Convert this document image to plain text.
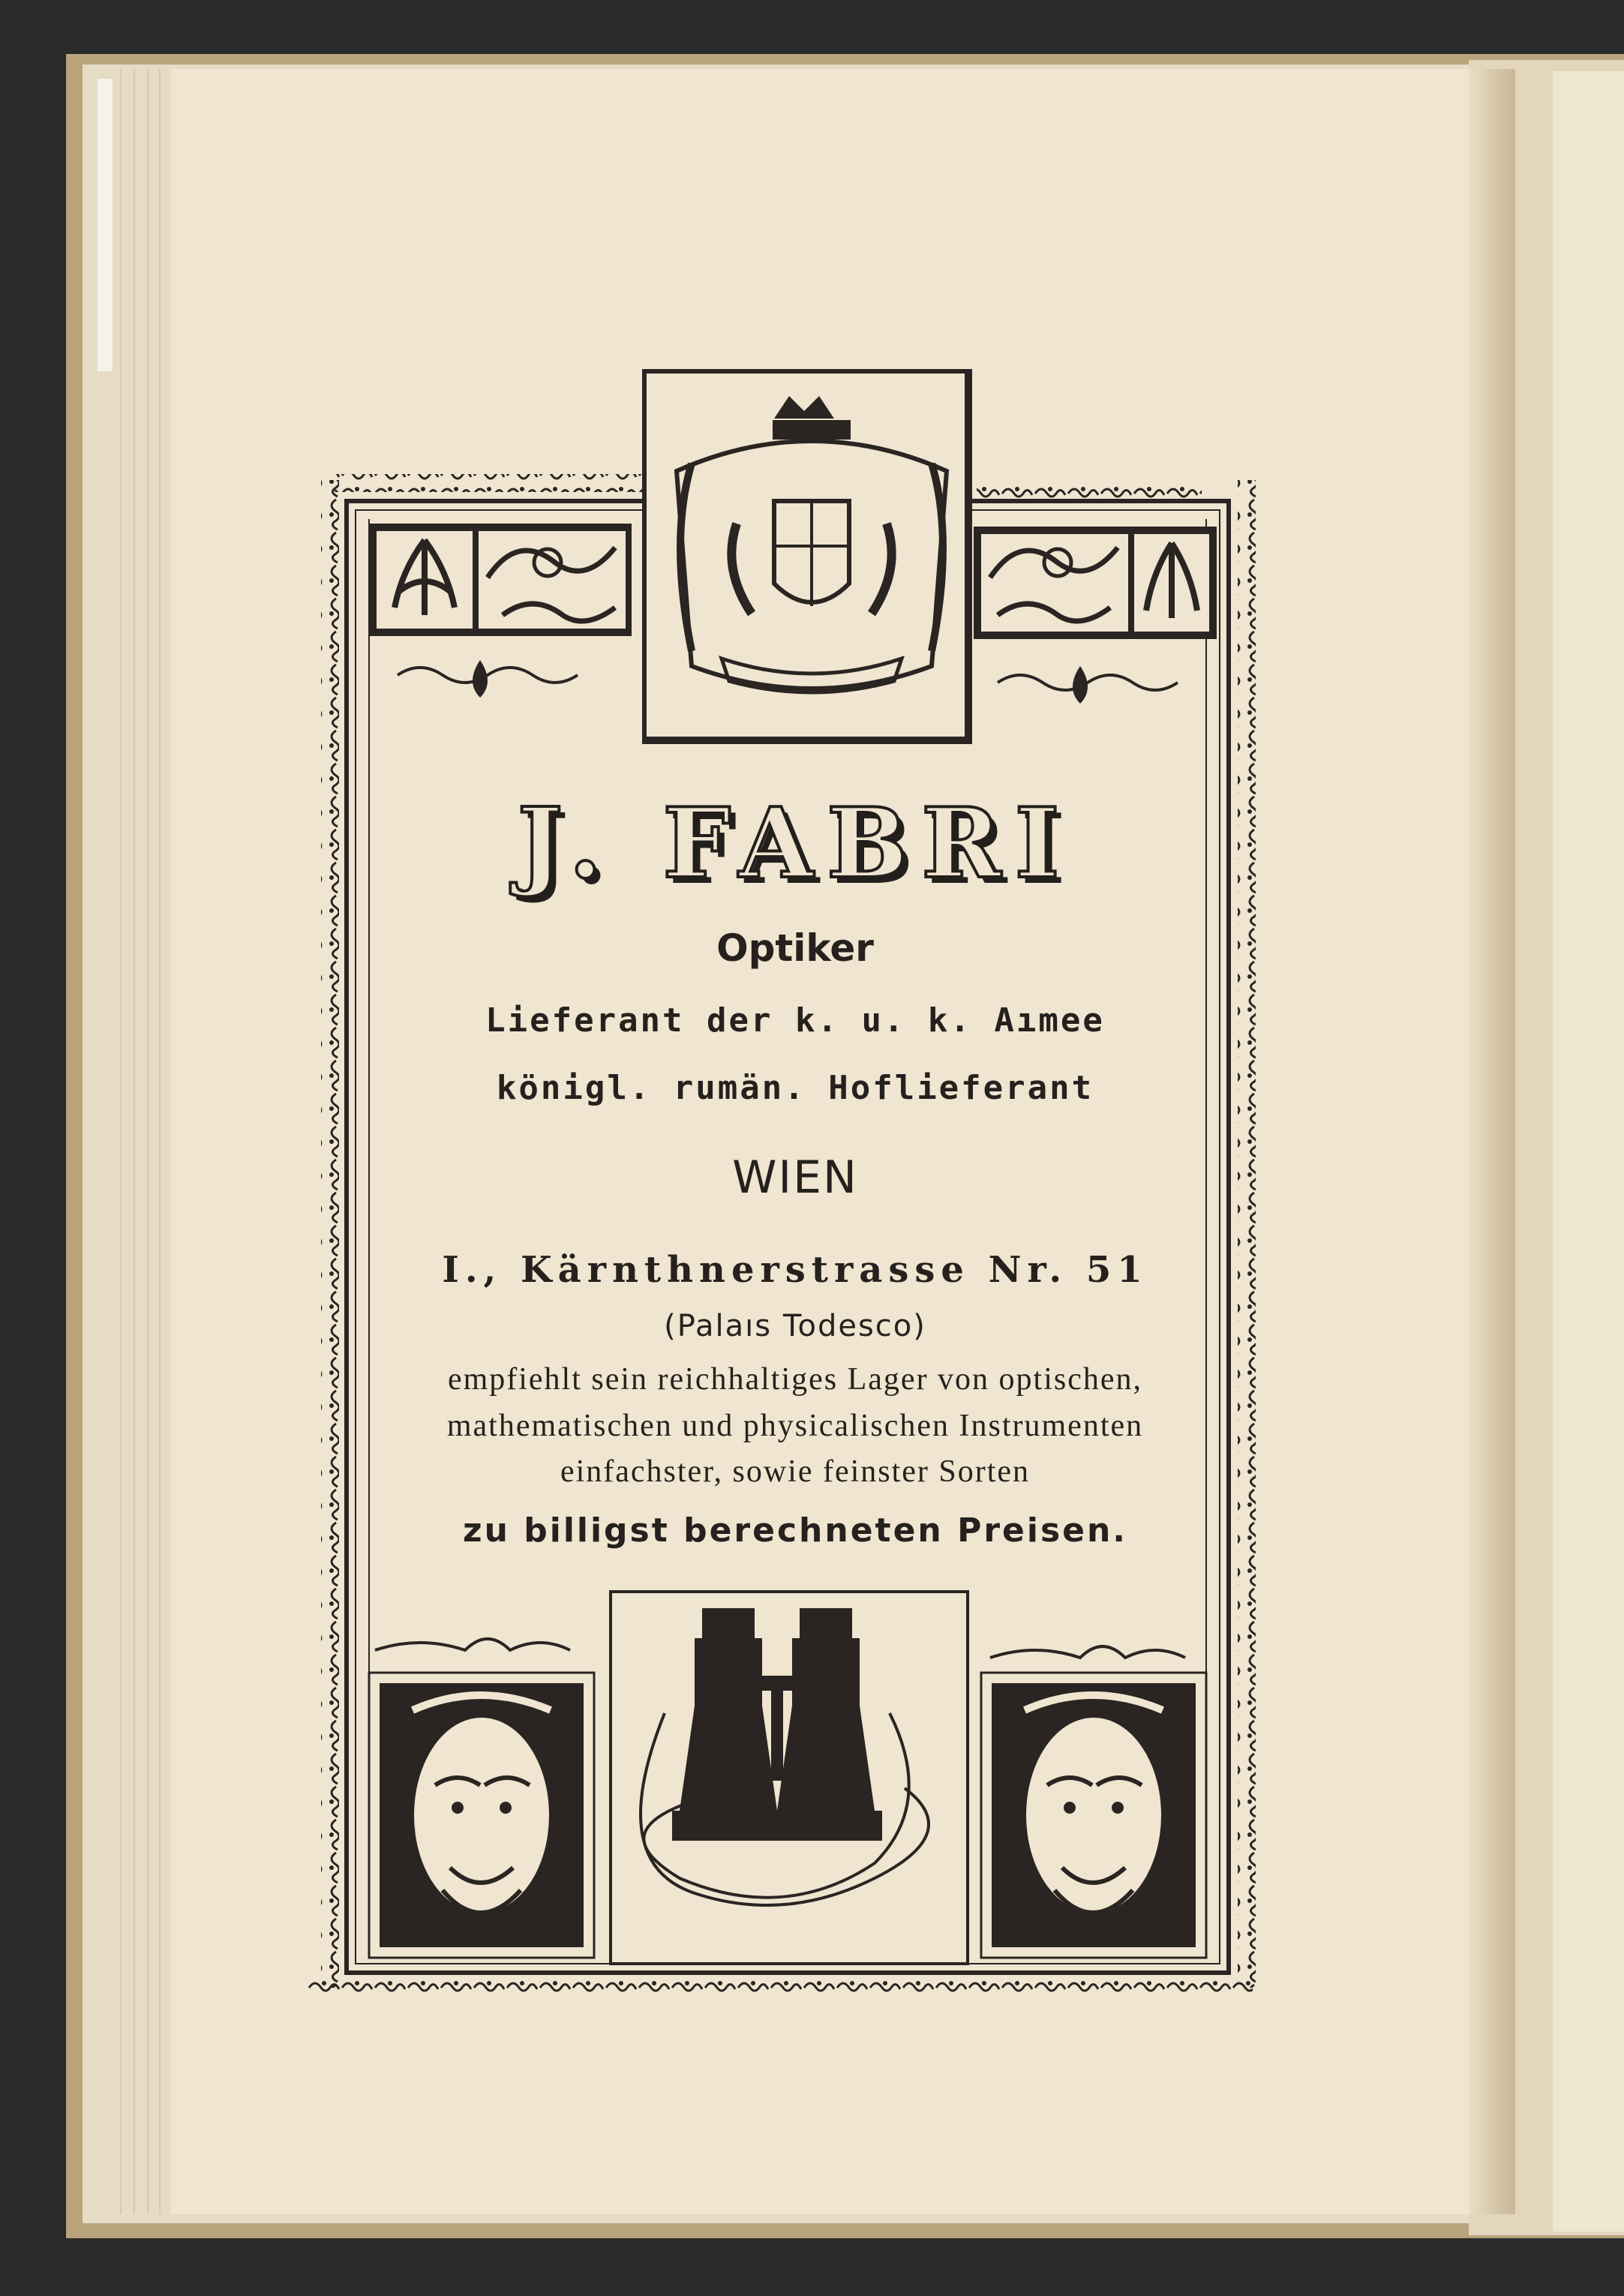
J. FABRI
Optiker
Lieferant der k. u. k. Aımee
königl. rumän. Hoflieferant
WIEN
I., Kärnthnerstrasse Nr. 51
(Palaıs Todesco)
empfiehlt sein reichhaltiges Lager von optischen,
mathematischen und physicalischen Instrumenten
einfachster, sowie feinster Sorten
zu billigst berechneten Preisen.
